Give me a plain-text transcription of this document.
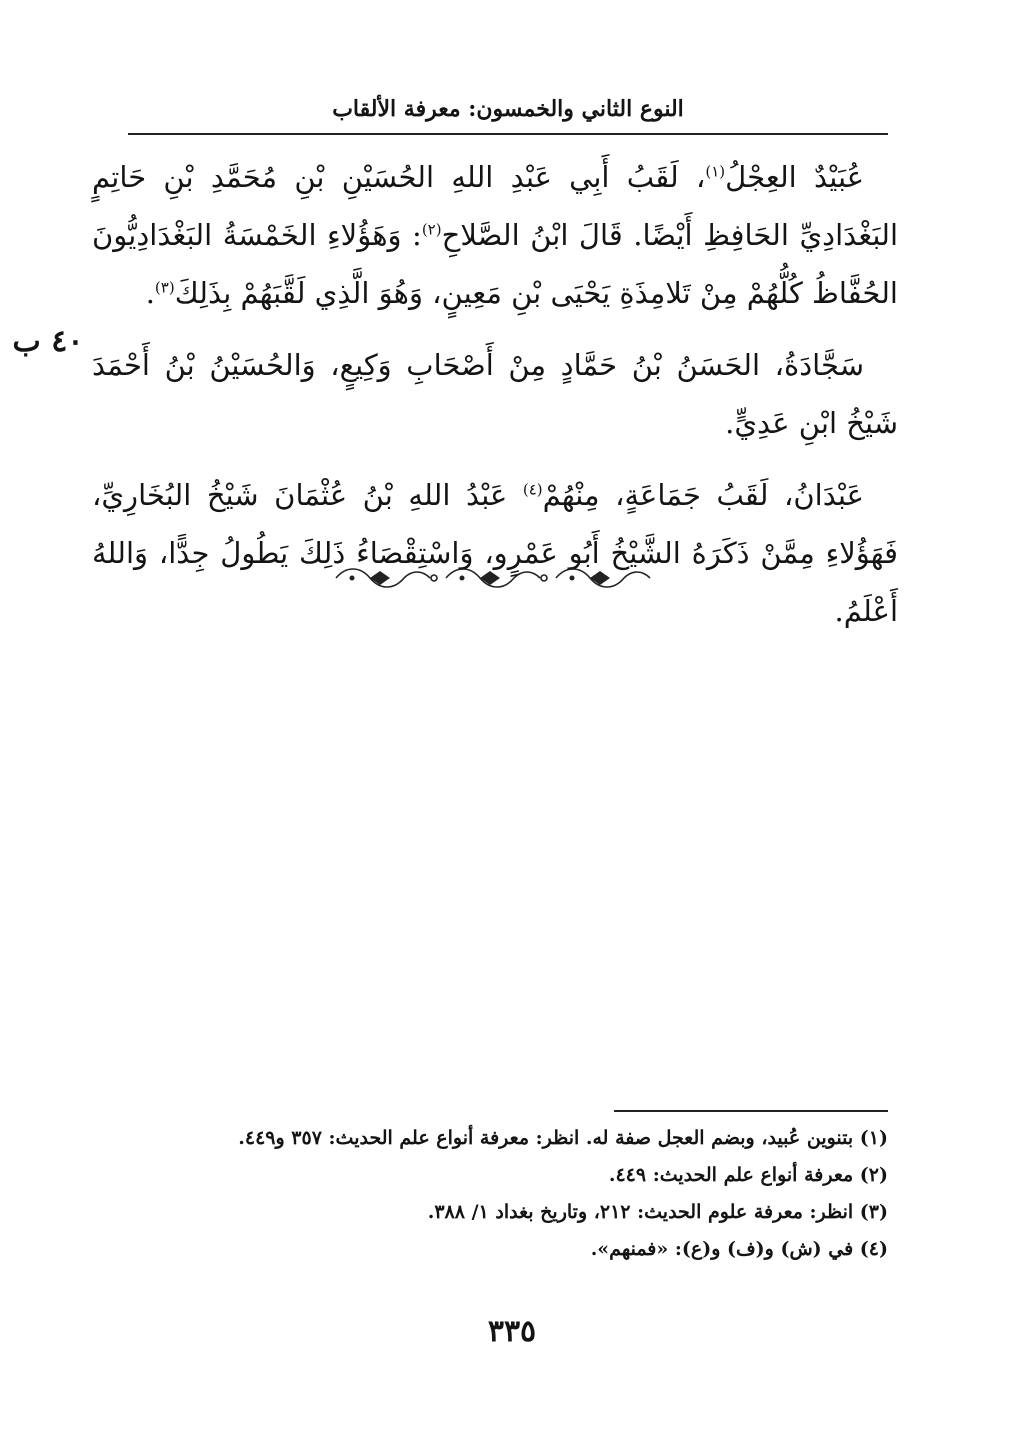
النوع الثاني والخمسون: معرفة الألقاب
٤٠ ب

عُبَيْدٌ العِجْلُ$^{(١)}$، لَقَبُ أَبِي عَبْدِ اللهِ الحُسَيْنِ بْنِ مُحَمَّدِ بْنِ حَاتِمٍ البَغْدَادِيِّ الحَافِظِ أَيْضًا. قَالَ ابْنُ الصَّلاحِ$^{(٢)}$: وَهَؤُلاءِ الخَمْسَةُ البَغْدَادِيُّونَ الحُفَّاظُ كُلُّهُمْ مِنْ تَلامِذَةِ يَحْيَى بْنِ مَعِينٍ، وَهُوَ الَّذِي لَقَّبَهُمْ بِذَلِكَ$^{(٣)}$.

سَجَّادَةُ، الحَسَنُ بْنُ حَمَّادٍ مِنْ أَصْحَابِ وَكِيعٍ، وَالحُسَيْنُ بْنُ أَحْمَدَ شَيْخُ ابْنِ عَدِيٍّ.

عَبْدَانُ، لَقَبُ جَمَاعَةٍ، مِنْهُمْ$^{(٤)}$ عَبْدُ اللهِ بْنُ عُثْمَانَ شَيْخُ البُخَارِيِّ، فَهَؤُلاءِ مِمَّنْ ذَكَرَهُ الشَّيْخُ أَبُو عَمْرٍو، وَاسْتِقْصَاءُ ذَلِكَ يَطُولُ جِدًّا، وَاللهُ أَعْلَمُ.

(١) بتنوين عُبيد، وبضم العجل صفة له. انظر: معرفة أنواع علم الحديث: ٣٥٧ و٤٤٩.

(٢) معرفة أنواع علم الحديث: ٤٤٩.

(٣) انظر: معرفة علوم الحديث: ٢١٢، وتاريخ بغداد ١/ ٣٨٨.

(٤) في (ش) و(ف) و(ع): «فمنهم».

٣٣٥
